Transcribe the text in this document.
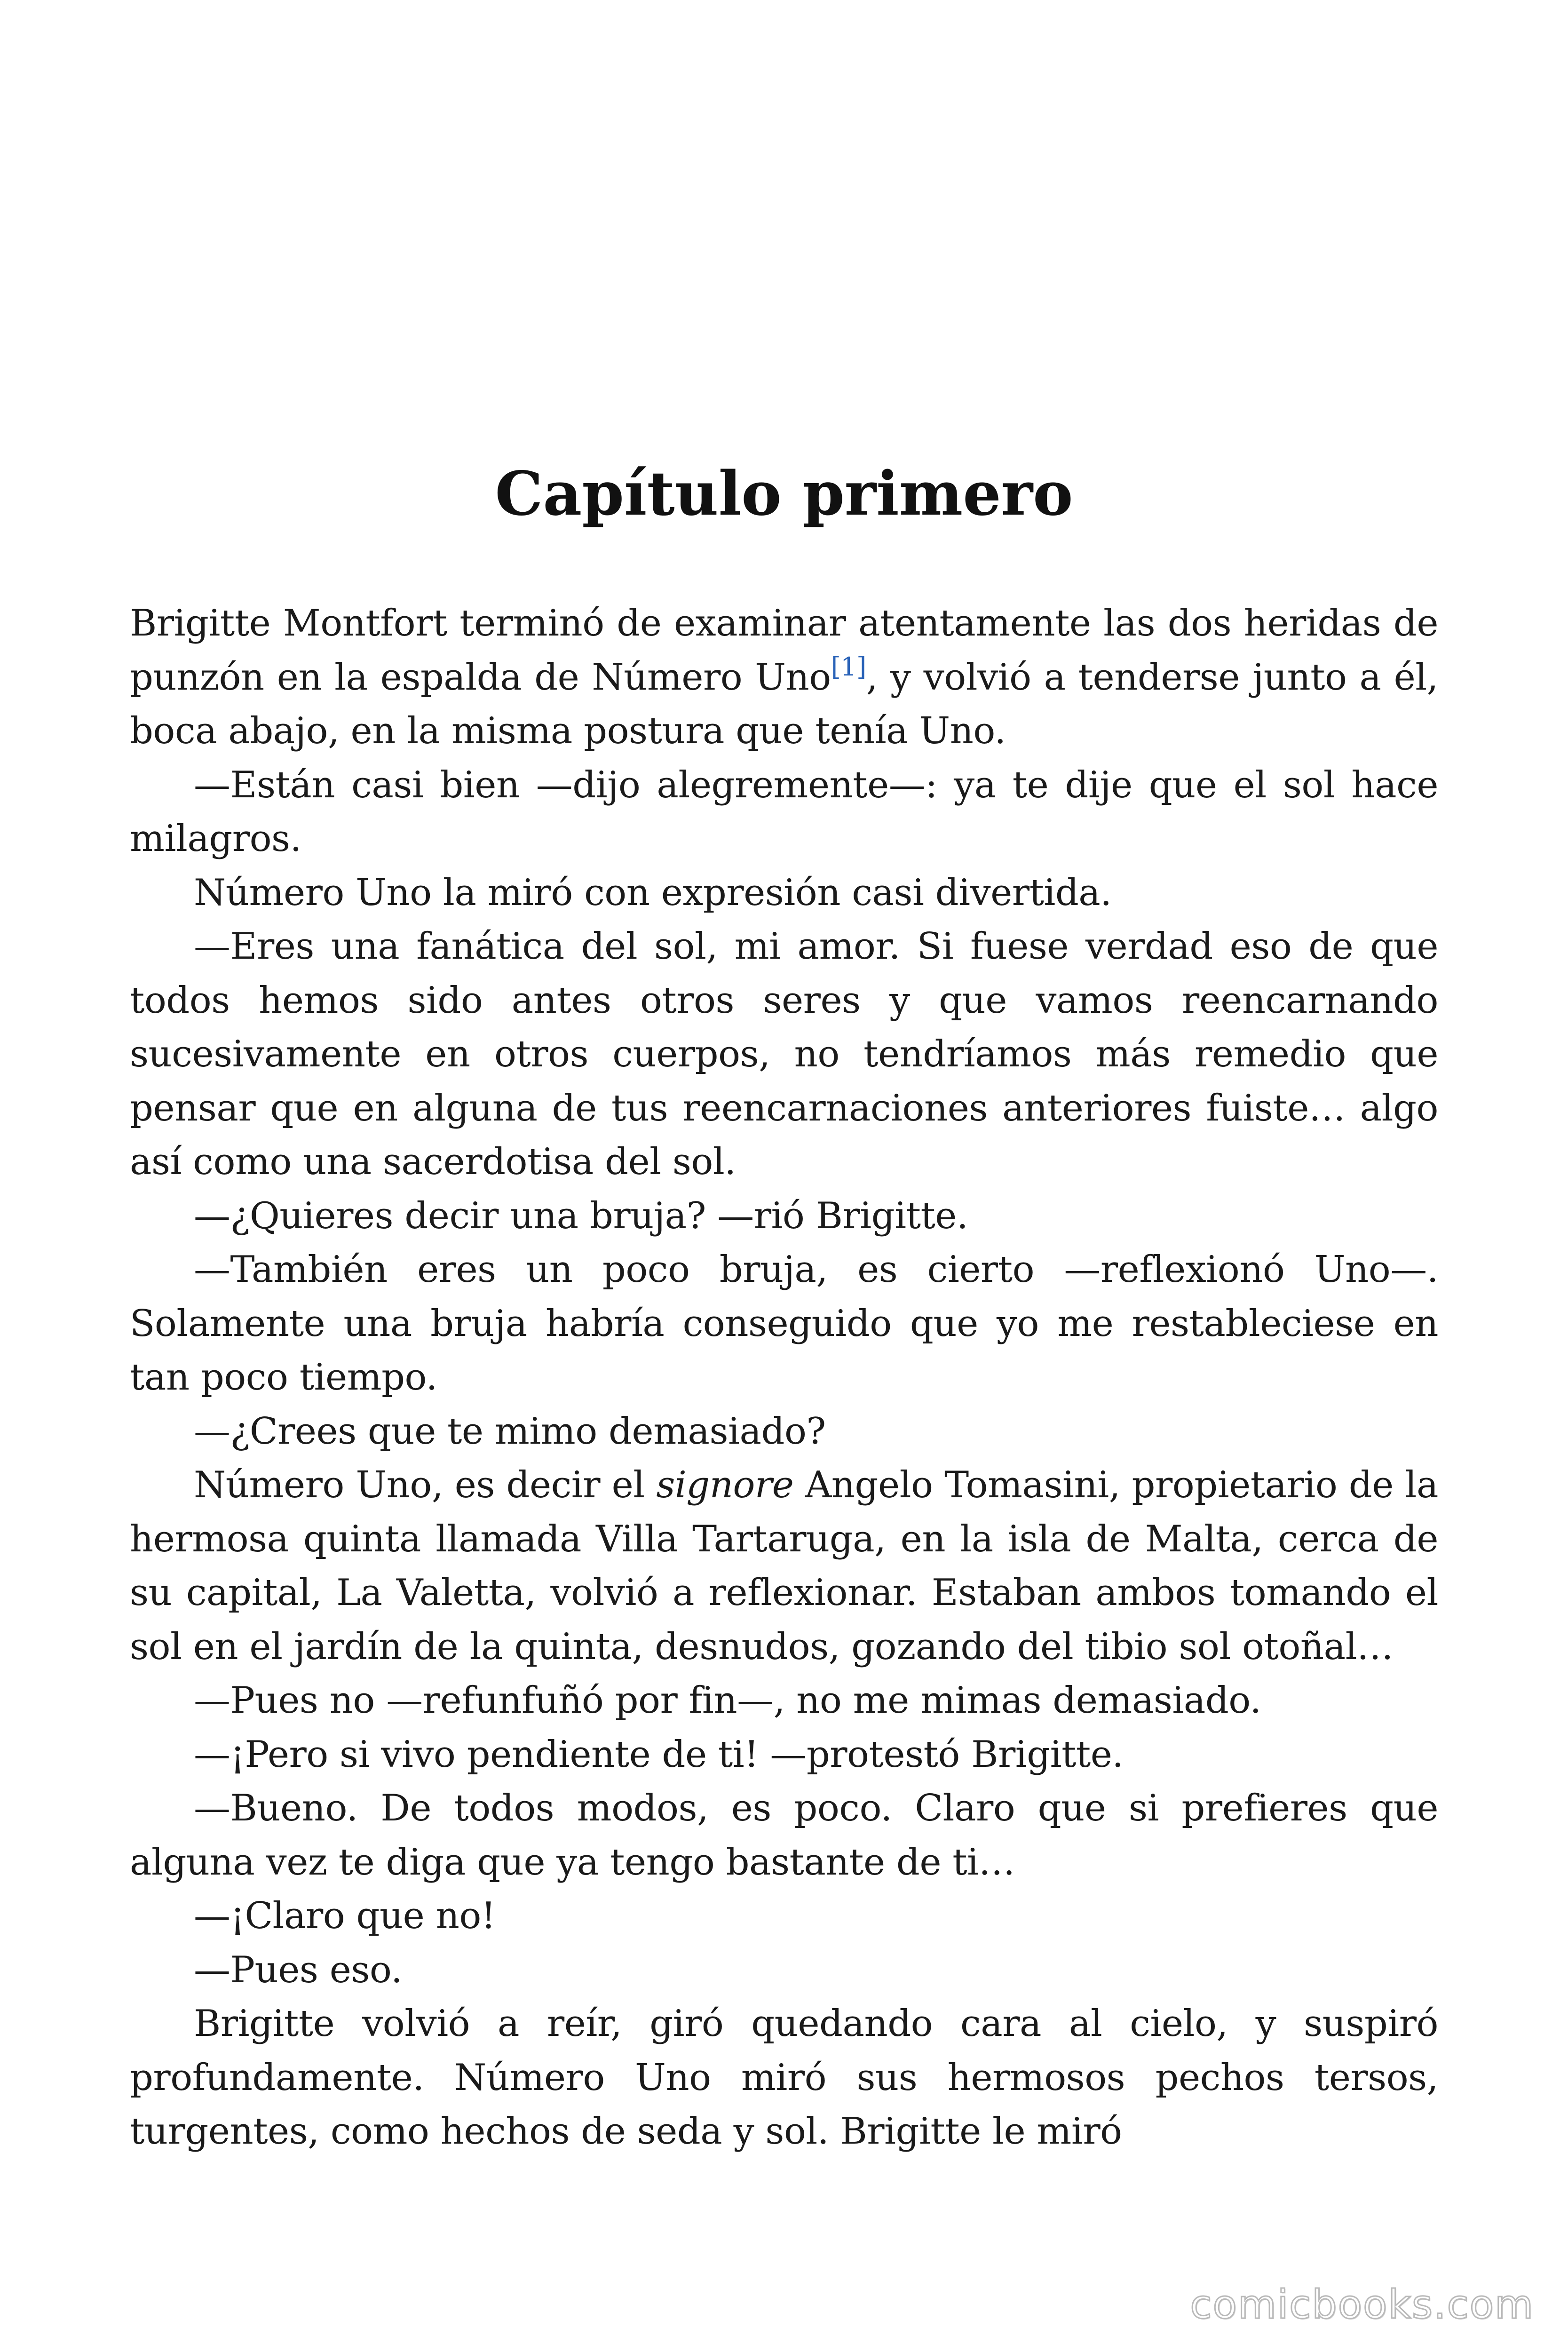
Capítulo primero

Brigitte Montfort terminó de examinar atentamente las dos heridas de punzón en la espalda de Número Uno[1], y volvió a tenderse junto a él, boca abajo, en la misma postura que tenía Uno.

—Están casi bien —dijo alegremente—: ya te dije que el sol hace milagros.

Número Uno la miró con expresión casi divertida.

—Eres una fanática del sol, mi amor. Si fuese verdad eso de que todos hemos sido antes otros seres y que vamos reencarnando sucesivamente en otros cuerpos, no tendríamos más remedio que pensar que en alguna de tus reencarnaciones anteriores fuiste… algo así como una sacerdotisa del sol.

—¿Quieres decir una bruja? —rió Brigitte.

—También eres un poco bruja, es cierto —reflexionó Uno—. Solamente una bruja habría conseguido que yo me restableciese en tan poco tiempo.

—¿Crees que te mimo demasiado?

Número Uno, es decir el signore Angelo Tomasini, propietario de la hermosa quinta llamada Villa Tartaruga, en la isla de Malta, cerca de su capital, La Valetta, volvió a reflexionar. Estaban ambos tomando el sol en el jardín de la quinta, desnudos, gozando del tibio sol otoñal…

—Pues no —refunfuñó por fin—, no me mimas demasiado.

—¡Pero si vivo pendiente de ti! —protestó Brigitte.

—Bueno. De todos modos, es poco. Claro que si prefieres que alguna vez te diga que ya tengo bastante de ti…

—¡Claro que no!

—Pues eso.

Brigitte volvió a reír, giró quedando cara al cielo, y suspiró profundamente. Número Uno miró sus hermosos pechos tersos, turgentes, como hechos de seda y sol. Brigitte le miró

comicbooks.com
